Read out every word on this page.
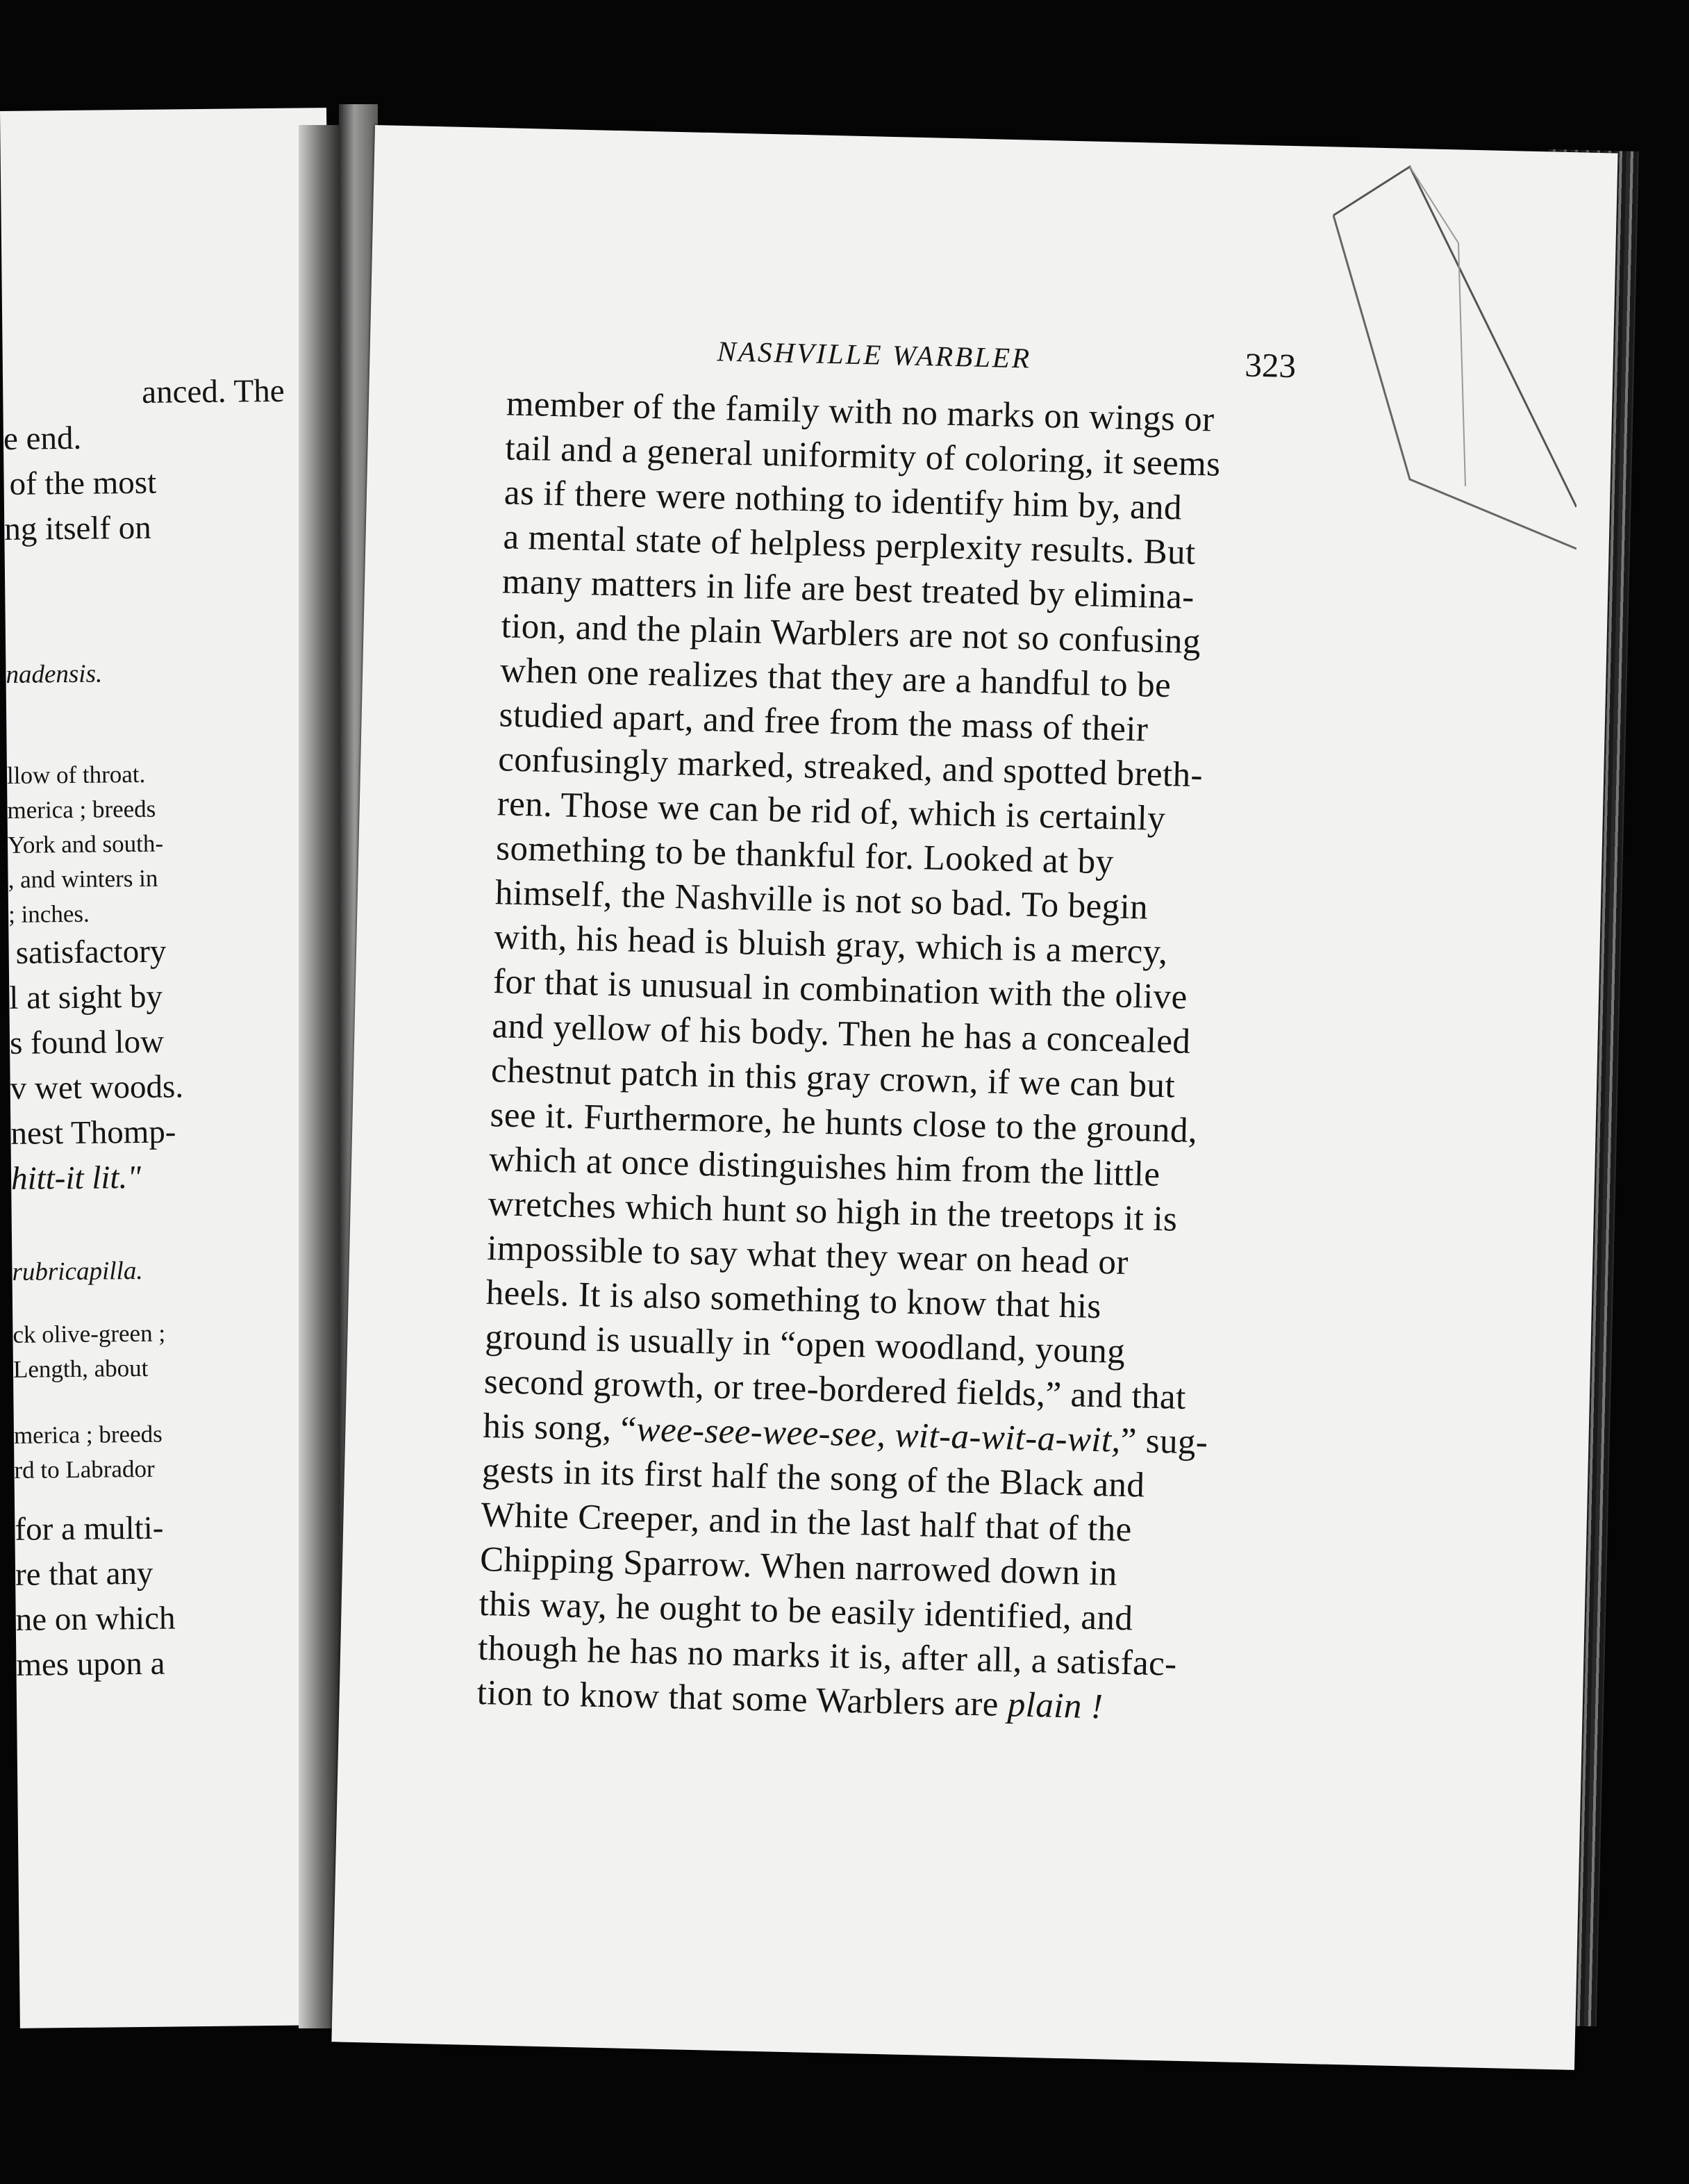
anced. The
e end.
of the most
ng itself on
nadensis.
llow of throat.
merica ; breeds
York and south-
, and winters in
; inches.
satisfactory
l at sight by
s found low
v wet woods.
nest Thomp-
hitt-it lit."
rubricapilla.
ck olive-green ;
Length, about
merica ; breeds
rd to Labrador
for a multi-
re that any
ne on which
mes upon a
NASHVILLE WARBLER	323
member of the family with no marks on wings or
tail and a general uniformity of coloring, it seems
as if there were nothing to identify him by, and
a mental state of helpless perplexity results. But
many matters in life are best treated by elimina-
tion, and the plain Warblers are not so confusing
when one realizes that they are a handful to be
studied apart, and free from the mass of their
confusingly marked, streaked, and spotted breth-
ren. Those we can be rid of, which is certainly
something to be thankful for. Looked at by
himself, the Nashville is not so bad. To begin
with, his head is bluish gray, which is a mercy,
for that is unusual in combination with the olive
and yellow of his body. Then he has a concealed
chestnut patch in this gray crown, if we can but
see it. Furthermore, he hunts close to the ground,
which at once distinguishes him from the little
wretches which hunt so high in the treetops it is
impossible to say what they wear on head or
heels. It is also something to know that his
ground is usually in “open woodland, young
second growth, or tree-bordered fields,” and that
his song, “wee-see-wee-see, wit-a-wit-a-wit,” sug-
gests in its first half the song of the Black and
White Creeper, and in the last half that of the
Chipping Sparrow. When narrowed down in
this way, he ought to be easily identified, and
though he has no marks it is, after all, a satisfac-
tion to know that some Warblers are plain !
